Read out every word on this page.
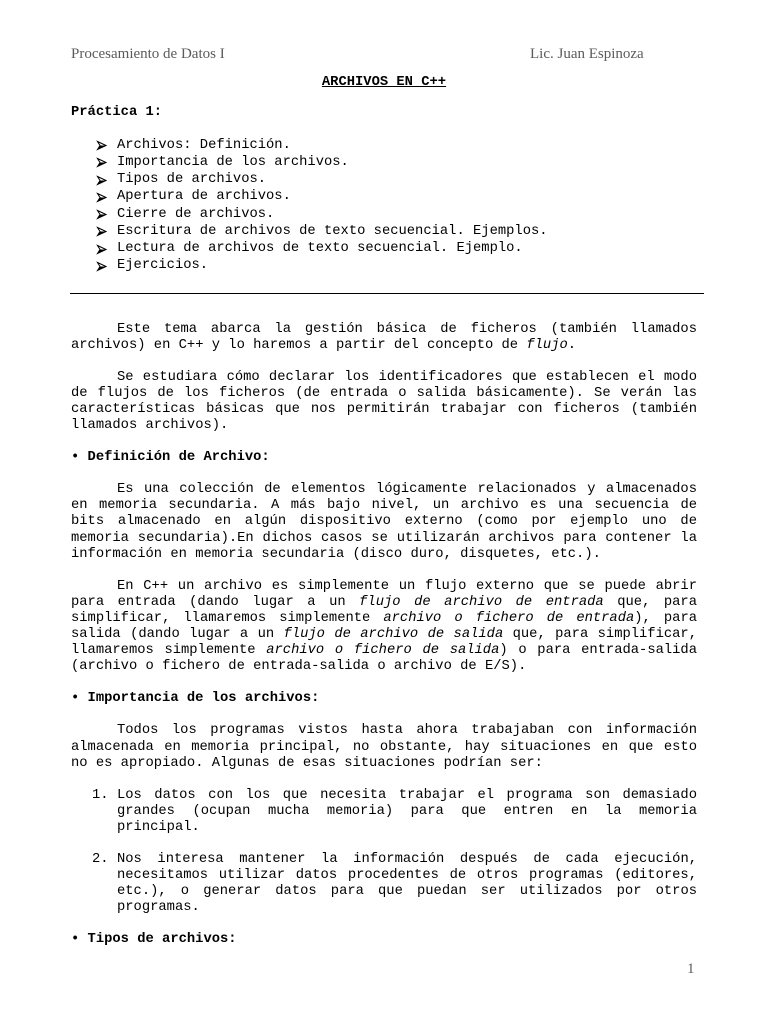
Procesamiento de Datos I	Lic. Juan Espinoza
ARCHIVOS EN C++
Práctica 1:
Archivos: Definición.
Importancia de los archivos.
Tipos de archivos.
Apertura de archivos.
Cierre de archivos.
Escritura de archivos de texto secuencial. Ejemplos.
Lectura de archivos de texto secuencial. Ejemplo.
Ejercicios.

Este tema abarca la gestión básica de ficheros (también llamados archivos) en C++ y lo haremos a partir del concepto de flujo.

Se estudiara cómo declarar los identificadores que establecen el modo de flujos de los ficheros (de entrada o salida básicamente). Se verán las características básicas que nos permitirán trabajar con ficheros (también llamados archivos).

• Definición de Archivo:

Es una colección de elementos lógicamente relacionados y almacenados en memoria secundaria. A más bajo nivel, un archivo es una secuencia de bits almacenado en algún dispositivo externo (como por ejemplo uno de memoria secundaria).En dichos casos se utilizarán archivos para contener la información en memoria secundaria (disco duro, disquetes, etc.).

En C++ un archivo es simplemente un flujo externo que se puede abrir para entrada (dando lugar a un flujo de archivo de entrada que, para simplificar, llamaremos simplemente archivo o fichero de entrada), para salida (dando lugar a un flujo de archivo de salida que, para simplificar, llamaremos simplemente archivo o fichero de salida) o para entrada-salida (archivo o fichero de entrada-salida o archivo de E/S).

• Importancia de los archivos:

Todos los programas vistos hasta ahora trabajaban con información almacenada en memoria principal, no obstante, hay situaciones en que esto no es apropiado. Algunas de esas situaciones podrían ser:

1. Los datos con los que necesita trabajar el programa son demasiado grandes (ocupan mucha memoria) para que entren en la memoria principal.
2. Nos interesa mantener la información después de cada ejecución, necesitamos utilizar datos procedentes de otros programas (editores, etc.), o generar datos para que puedan ser utilizados por otros programas.
• Tipos de archivos:
1
